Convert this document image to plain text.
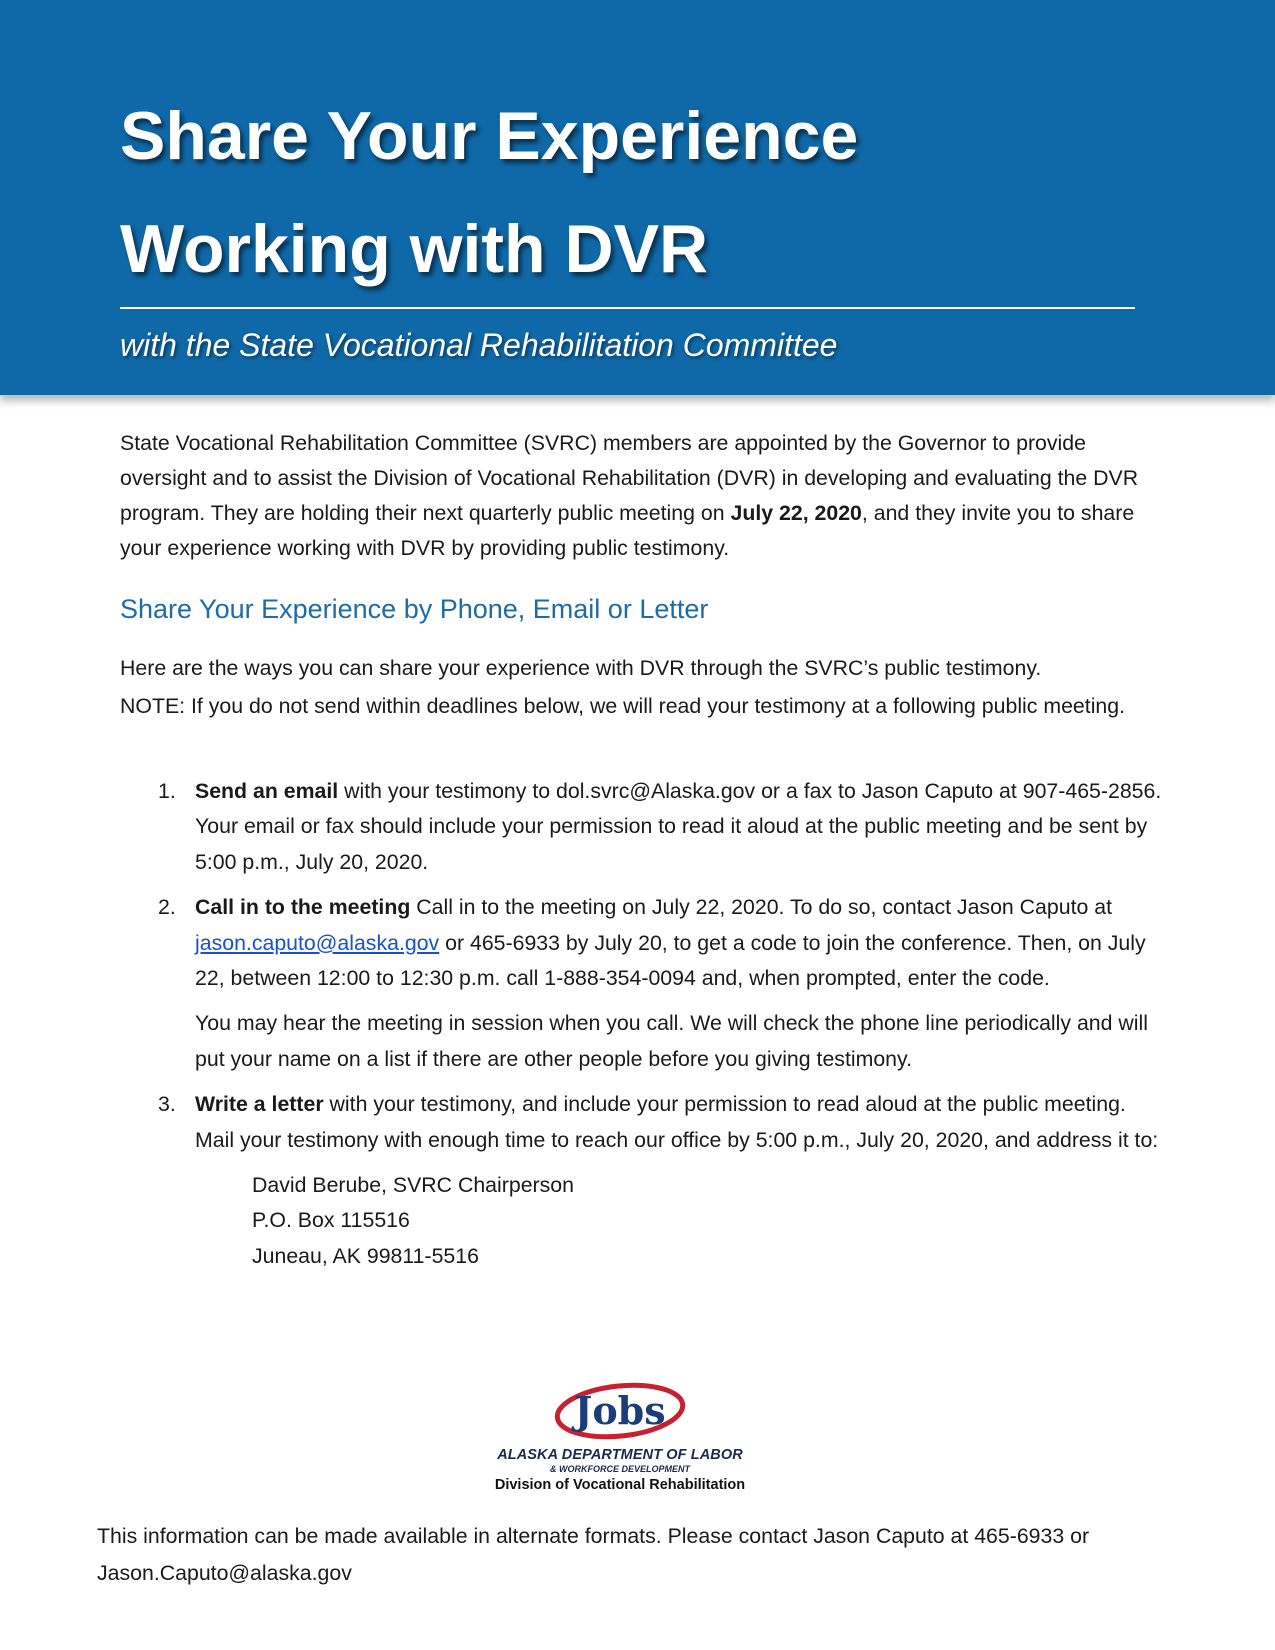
Share Your Experience
Working with DVR
with the State Vocational Rehabilitation Committee

State Vocational Rehabilitation Committee (SVRC) members are appointed by the Governor to provide oversight and to assist the Division of Vocational Rehabilitation (DVR) in developing and evaluating the DVR program. They are holding their next quarterly public meeting on July 22, 2020, and they invite you to share your experience working with DVR by providing public testimony.

Share Your Experience by Phone, Email or Letter

Here are the ways you can share your experience with DVR through the SVRC’s public testimony.
NOTE: If you do not send within deadlines below, we will read your testimony at a following public meeting.

1. Send an email with your testimony to dol.svrc@Alaska.gov or a fax to Jason Caputo at 907-465-2856. Your email or fax should include your permission to read it aloud at the public meeting and be sent by 5:00 p.m., July 20, 2020.

2. Call in to the meeting Call in to the meeting on July 22, 2020. To do so, contact Jason Caputo at jason.caputo@alaska.gov or 465-6933 by July 20, to get a code to join the conference. Then, on July 22, between 12:00 to 12:30 p.m. call 1-888-354-0094 and, when prompted, enter the code.

You may hear the meeting in session when you call. We will check the phone line periodically and will put your name on a list if there are other people before you giving testimony.

3. Write a letter with your testimony, and include your permission to read aloud at the public meeting. Mail your testimony with enough time to reach our office by 5:00 p.m., July 20, 2020, and address it to:

David Berube, SVRC Chairperson
P.O. Box 115516
Juneau, AK 99811-5516
Jobs
ALASKA DEPARTMENT OF LABOR
& WORKFORCE DEVELOPMENT
Division of Vocational Rehabilitation

This information can be made available in alternate formats. Please contact Jason Caputo at 465-6933 or
Jason.Caputo@alaska.gov
